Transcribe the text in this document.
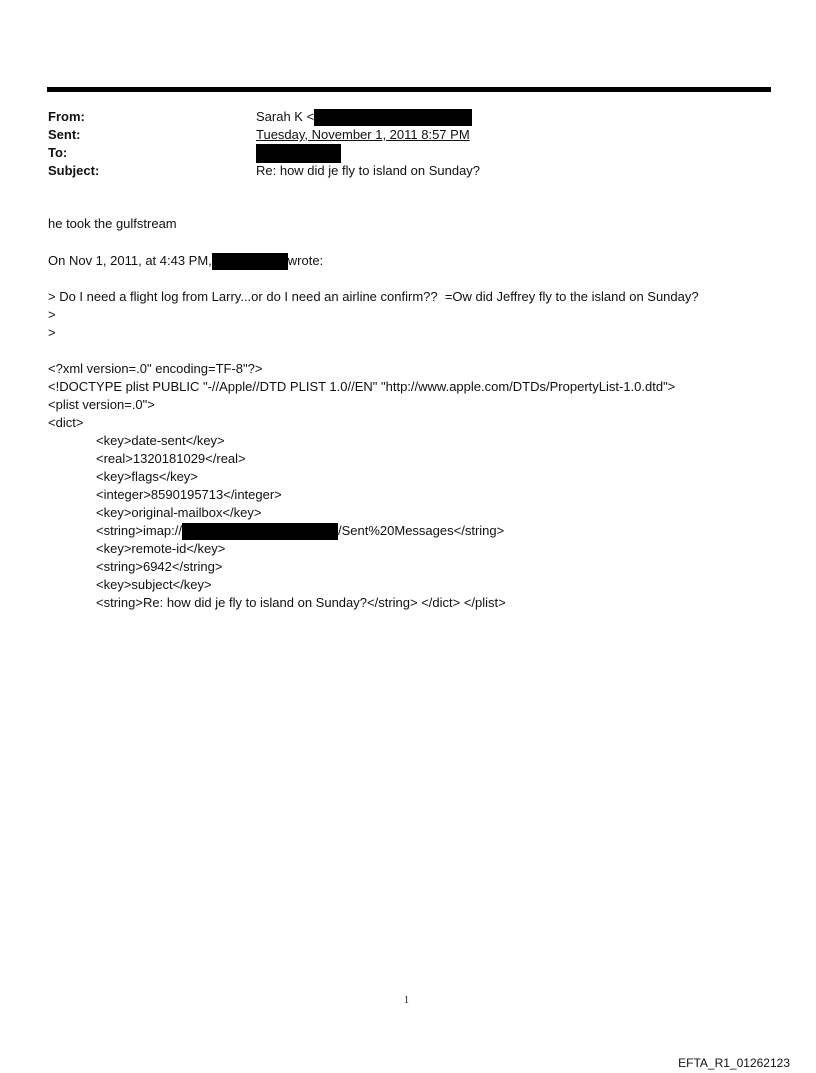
From:	Sarah K <
Sent:	Tuesday, November 1, 2011 8:57 PM
To:
Subject:	Re: how did je fly to island on Sunday?
he took the gulfstream
On Nov 1, 2011, at 4:43 PM,	wrote:
> Do I need a flight log from Larry...or do I need an airline confirm??  =Ow did Jeffrey fly to the island on Sunday?
>
>
<?xml version=.0" encoding=TF-8"?>
<!DOCTYPE plist PUBLIC "-//Apple//DTD PLIST 1.0//EN" "http://www.apple.com/DTDs/PropertyList-1.0.dtd">
<plist version=.0">
<dict>
<key>date-sent</key>
<real>1320181029</real>
<key>flags</key>
<integer>8590195713</integer>
<key>original-mailbox</key>
<string>imap://	/Sent%20Messages</string>
<key>remote-id</key>
<string>6942</string>
<key>subject</key>
<string>Re: how did je fly to island on Sunday?</string> </dict> </plist>
1
EFTA_R1_01262123
